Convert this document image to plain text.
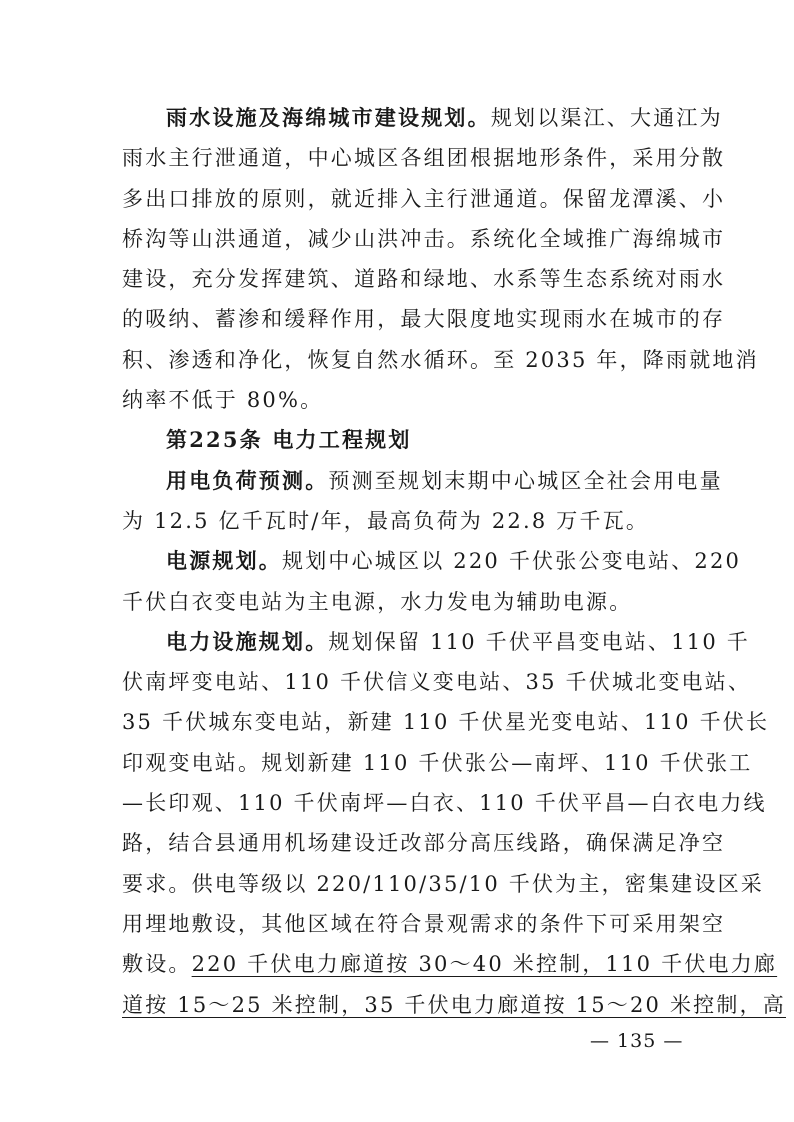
雨水设施及海绵城市建设规划。规划以渠江、大通江为
雨水主行泄通道，中心城区各组团根据地形条件，采用分散
多出口排放的原则，就近排入主行泄通道。保留龙潭溪、小
桥沟等山洪通道，减少山洪冲击。系统化全域推广海绵城市
建设，充分发挥建筑、道路和绿地、水系等生态系统对雨水
的吸纳、蓄渗和缓释作用，最大限度地实现雨水在城市的存
积、渗透和净化，恢复自然水循环。至 2035 年，降雨就地消
纳率不低于 80%。
第225条 电力工程规划
用电负荷预测。预测至规划末期中心城区全社会用电量
为 12.5 亿千瓦时/年，最高负荷为 22.8 万千瓦。
电源规划。规划中心城区以 220 千伏张公变电站、220
千伏白衣变电站为主电源，水力发电为辅助电源。
电力设施规划。规划保留 110 千伏平昌变电站、110 千
伏南坪变电站、110 千伏信义变电站、35 千伏城北变电站、
35 千伏城东变电站，新建 110 千伏星光变电站、110 千伏长
印观变电站。规划新建 110 千伏张公—南坪、110 千伏张工
—长印观、110 千伏南坪—白衣、110 千伏平昌—白衣电力线
路，结合县通用机场建设迁改部分高压线路，确保满足净空
要求。供电等级以 220/110/35/10 千伏为主，密集建设区采
用埋地敷设，其他区域在符合景观需求的条件下可采用架空
敷设。220 千伏电力廊道按 30～40 米控制，110 千伏电力廊
道按 15～25 米控制，35 千伏电力廊道按 15～20 米控制，高
— 135 —
